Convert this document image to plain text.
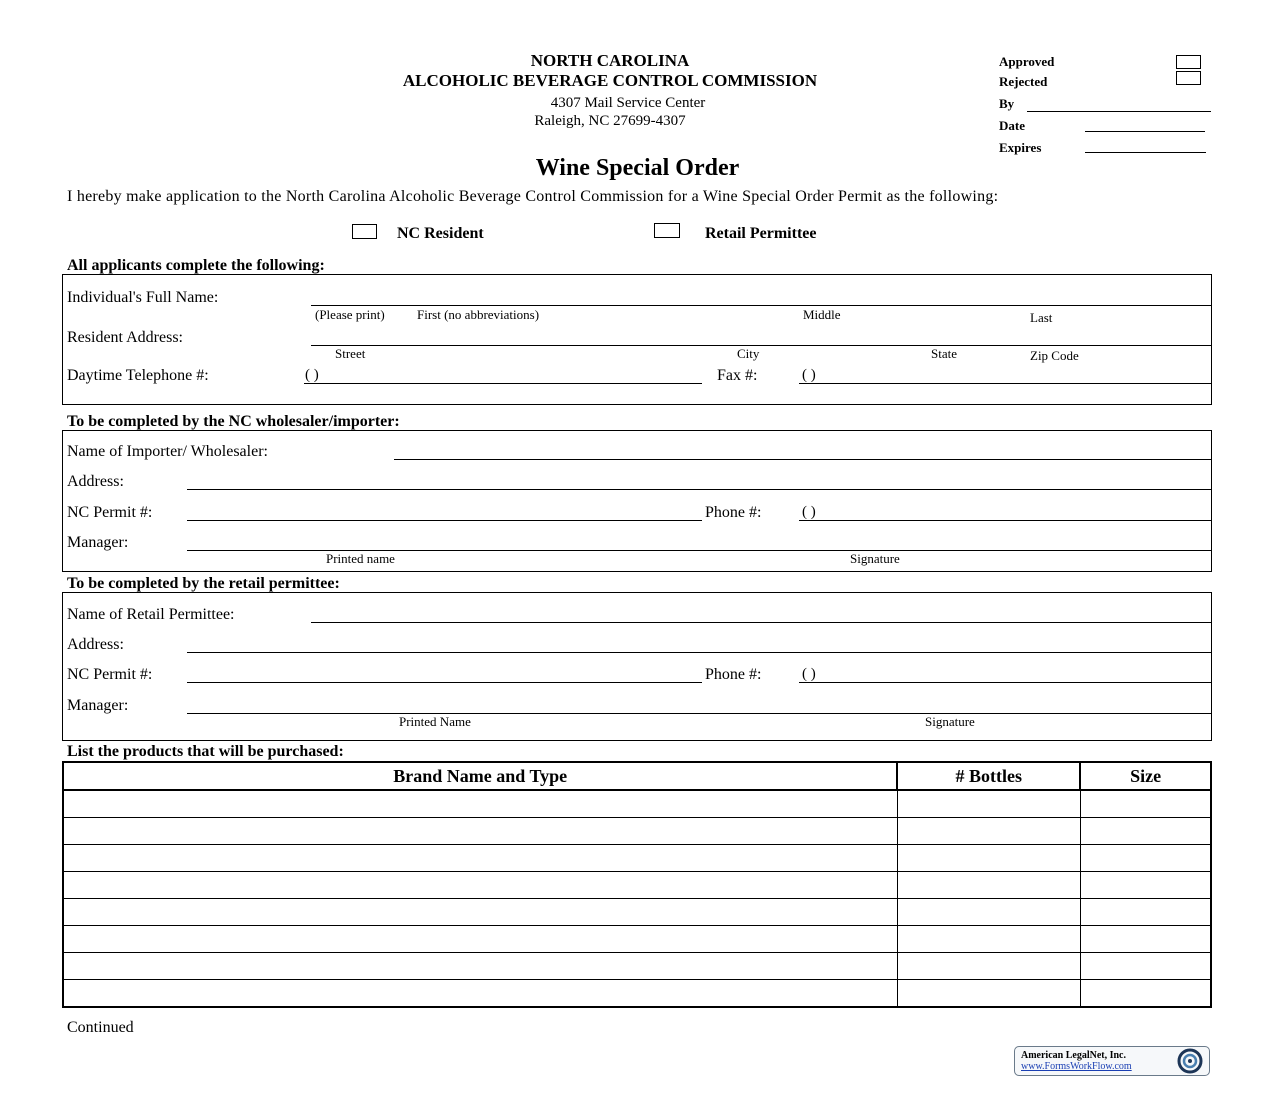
NORTH CAROLINA
ALCOHOLIC BEVERAGE CONTROL COMMISSION
4307 Mail Service Center
Raleigh, NC 27699-4307
Approved
Rejected
By
Date
Expires
Wine Special Order
I hereby make application to the North Carolina Alcoholic Beverage Control Commission for a Wine Special Order Permit as the following:
NC Resident	Retail Permittee
All applicants complete the following:
Individual's Full Name:
(Please print) First (no abbreviations)	Middle	Last
Resident Address:
Street	City	State	Zip Code
Daytime Telephone #:	( )	Fax #:	( )
To be completed by the NC wholesaler/importer:
Name of Importer/ Wholesaler:
Address:
NC Permit #:	Phone #:	( )
Manager:
Printed name	Signature
To be completed by the retail permittee:
Name of Retail Permittee:
Address:
NC Permit #:	Phone #:	( )
Manager:
Printed Name	Signature
List the products that will be purchased:
Brand Name and Type	# Bottles	Size

Continued
American LegalNet, Inc.
www.FormsWorkFlow.com
